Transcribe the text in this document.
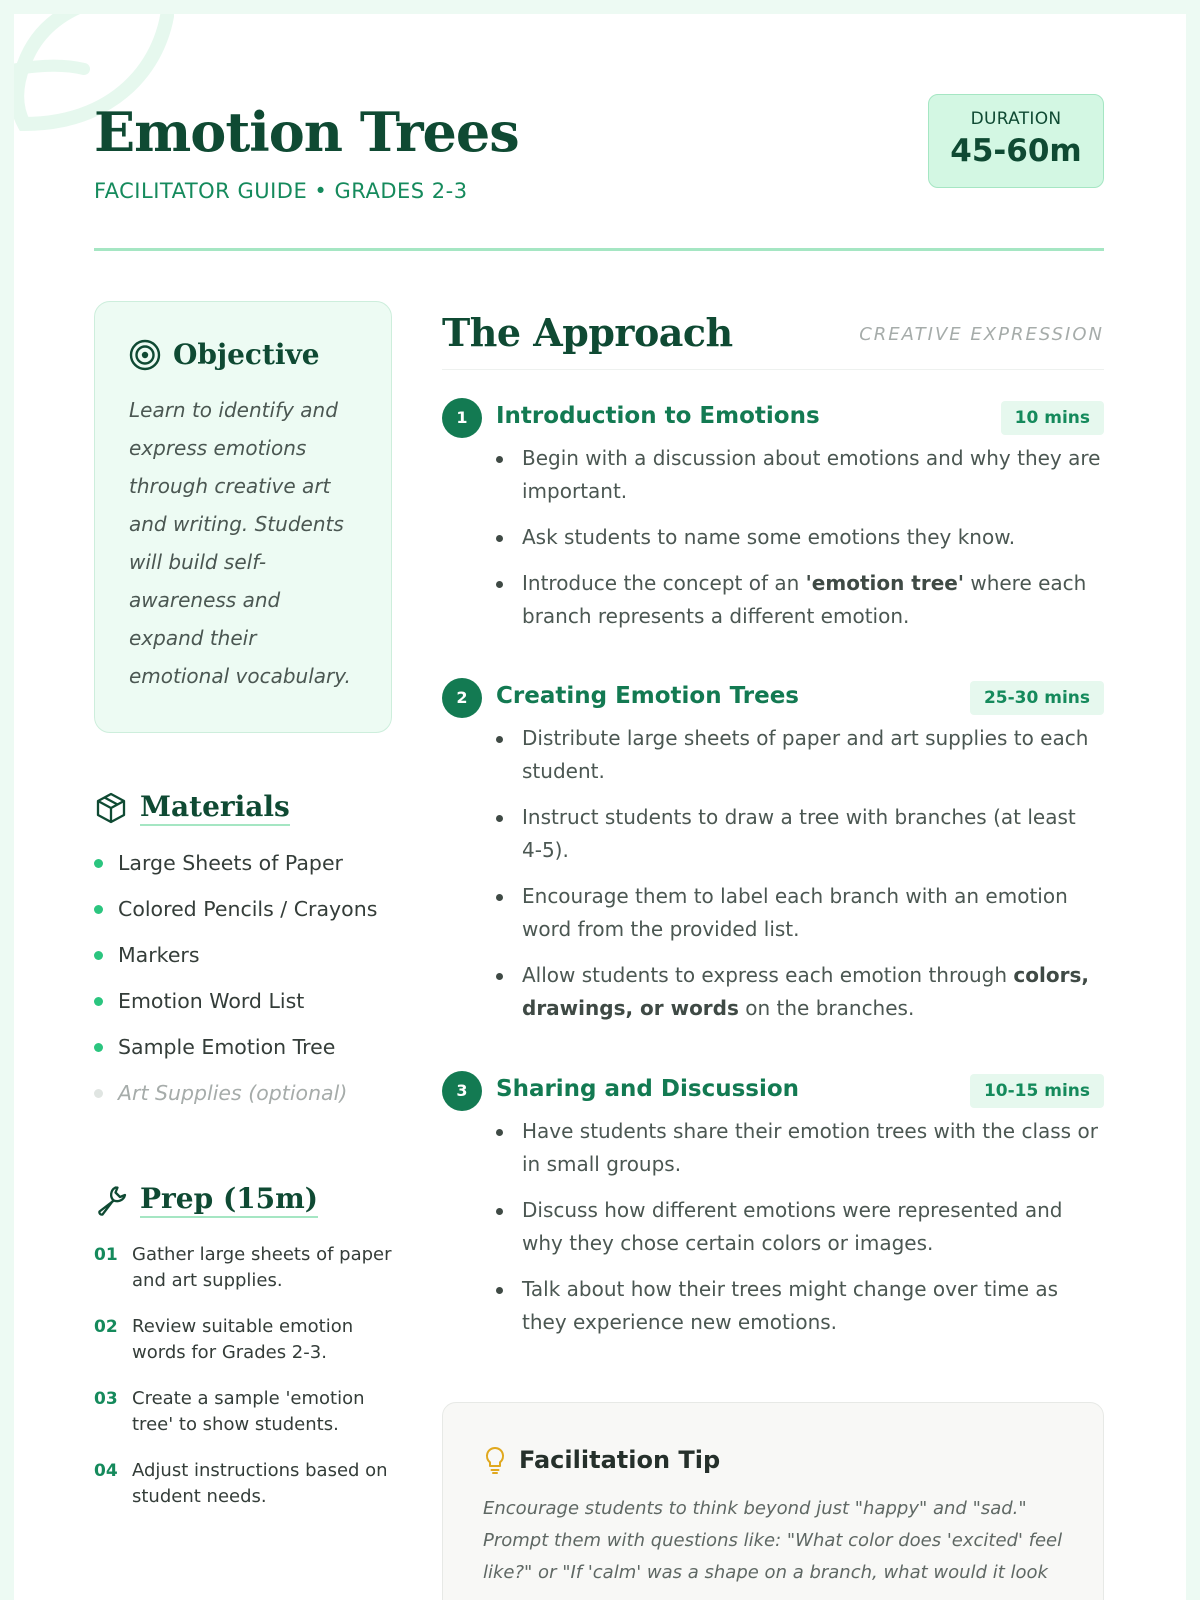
Emotion Trees
FACILITATOR GUIDE • GRADES 2-3
DURATION
45-60m
Objective
Learn to identify and express emotions through creative art and writing. Students will build self-awareness and expand their emotional vocabulary.
Materials
Large Sheets of Paper
Colored Pencils / Crayons
Markers
Emotion Word List
Sample Emotion Tree
Art Supplies (optional)
Prep (15m)
01 Gather large sheets of paper and art supplies.
02 Review suitable emotion words for Grades 2-3.
03 Create a sample 'emotion tree' to show students.
04 Adjust instructions based on student needs.
The Approach	CREATIVE EXPRESSION
1	Introduction to Emotions	10 mins
Begin with a discussion about emotions and why they are important.
Ask students to name some emotions they know.
Introduce the concept of an 'emotion tree' where each branch represents a different emotion.
2	Creating Emotion Trees	25-30 mins
Distribute large sheets of paper and art supplies to each student.
Instruct students to draw a tree with branches (at least 4-5).
Encourage them to label each branch with an emotion word from the provided list.
Allow students to express each emotion through colors, drawings, or words on the branches.
3	Sharing and Discussion	10-15 mins
Have students share their emotion trees with the class or in small groups.
Discuss how different emotions were represented and why they chose certain colors or images.
Talk about how their trees might change over time as they experience new emotions.
Facilitation Tip
Encourage students to think beyond just "happy" and "sad." Prompt them with questions like: "What color does 'excited' feel like?" or "If 'calm' was a shape on a branch, what would it look
